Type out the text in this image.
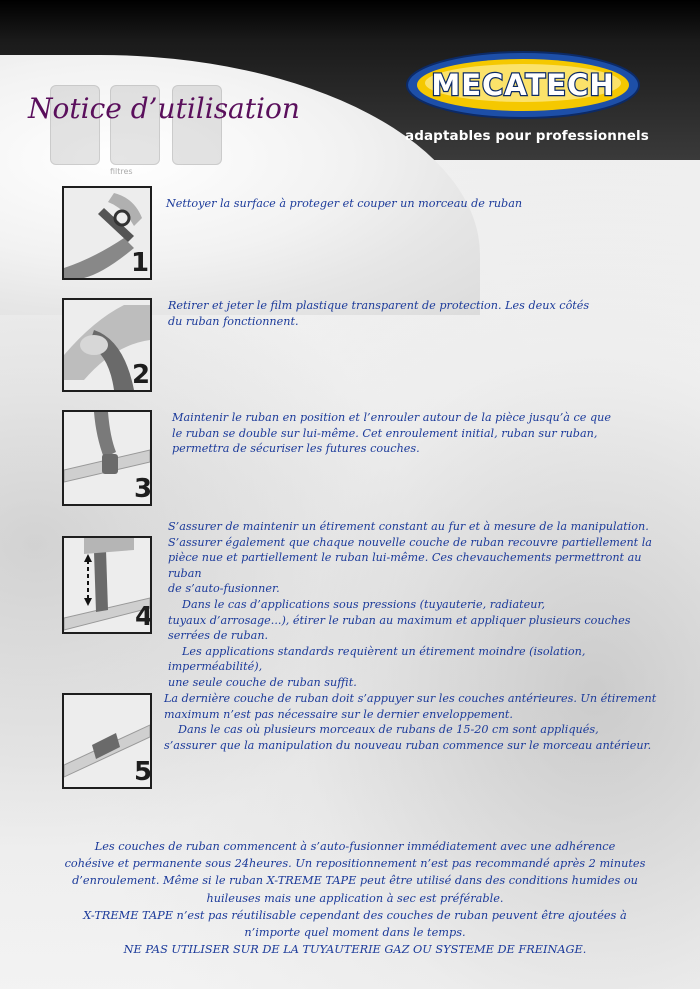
filtres
Notice d’utilisation
MECATECH

adaptables pour professionnels

1

Nettoyer la surface à proteger et couper un morceau de ruban

2

Retirer et jeter le film plastique transparent de protection. Les deux côtés

du ruban fonctionnent.

3

Maintenir le ruban en position et l’enrouler autour de la pièce jusqu’à ce que

le ruban se double sur lui-même. Cet enroulement initial, ruban sur ruban,

permettra de sécuriser les futures couches.

4

S’assurer de maintenir un étirement constant au fur et à mesure de la manipulation.

S’assurer également que chaque nouvelle couche de ruban recouvre partiellement la

pièce nue et partiellement le ruban lui-même. Ces chevauchements permettront au ruban

de s’auto-fusionner.

Dans le cas d’applications sous pressions (tuyauterie, radiateur,

tuyaux d’arrosage...), étirer le ruban au maximum et appliquer plusieurs couches

serrées de ruban.

Les applications standards requièrent un étirement moindre (isolation, imperméabilité),

une seule couche de ruban suffit.

5

La dernière couche de ruban doit s’appuyer sur les couches antérieures. Un étirement

maximum n’est pas nécessaire sur le dernier enveloppement.

Dans le cas où plusieurs morceaux de rubans de 15-20 cm sont appliqués,

s’assurer que la manipulation du nouveau ruban commence sur le morceau antérieur.

Les couches de ruban commencent à s’auto-fusionner immédiatement avec une adhérence

cohésive et permanente sous 24heures. Un repositionnement n’est pas recommandé après 2 minutes

d’enroulement. Même si le ruban X-TREME TAPE peut être utilisé dans des conditions humides ou

huileuses mais une application à sec est préférable.

X-TREME TAPE n’est pas réutilisable cependant des couches de ruban peuvent être ajoutées à

n’importe quel moment dans le temps.

NE PAS UTILISER SUR DE LA TUYAUTERIE GAZ OU SYSTEME DE FREINAGE.
